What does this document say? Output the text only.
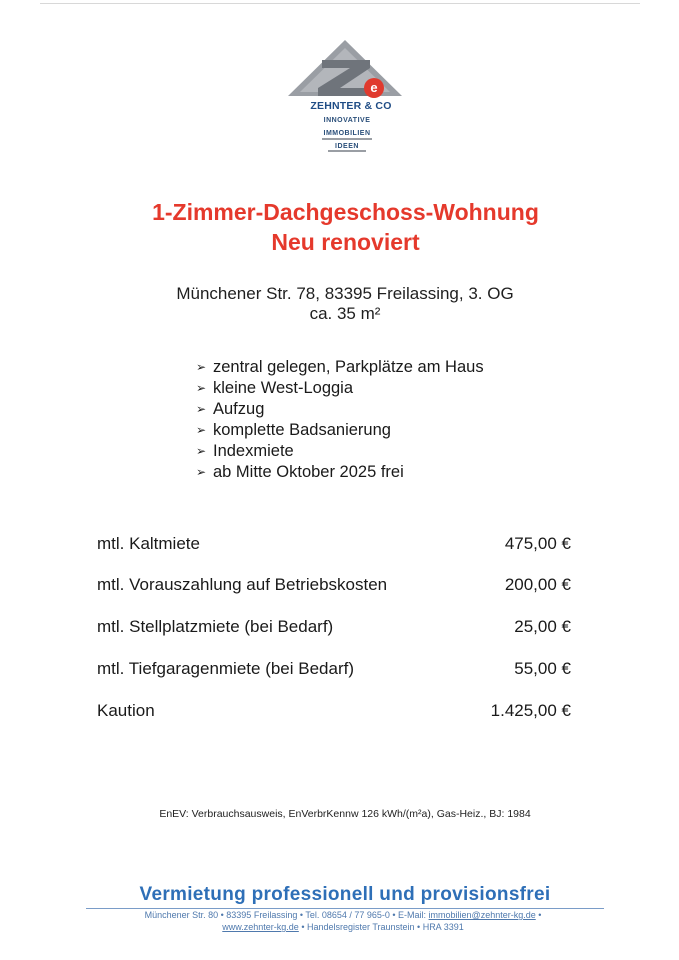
e
ZEHNTER & CO
INNOVATIVE
IMMOBILIEN
IDEEN
1-Zimmer-Dachgeschoss-Wohnung
Neu renoviert
Münchener Str. 78, 83395 Freilassing, 3. OG
ca. 35 m²
➢ zentral gelegen, Parkplätze am Haus
➢ kleine West-Loggia
➢ Aufzug
➢ komplette Badsanierung
➢ Indexmiete
➢ ab Mitte Oktober 2025 frei
mtl. Kaltmiete	475,00 €
mtl. Vorauszahlung auf Betriebskosten	200,00 €
mtl. Stellplatzmiete (bei Bedarf)	25,00 €
mtl. Tiefgaragenmiete (bei Bedarf)	55,00 €
Kaution	1.425,00 €
EnEV: Verbrauchsausweis, EnVerbrKennw 126 kWh/(m²a), Gas-Heiz., BJ: 1984
Vermietung professionell und provisionsfrei
Münchener Str. 80 • 83395 Freilassing • Tel. 08654 / 77 965-0 • E-Mail: immobilien@zehnter-kg.de •
www.zehnter-kg.de • Handelsregister Traunstein • HRA 3391
